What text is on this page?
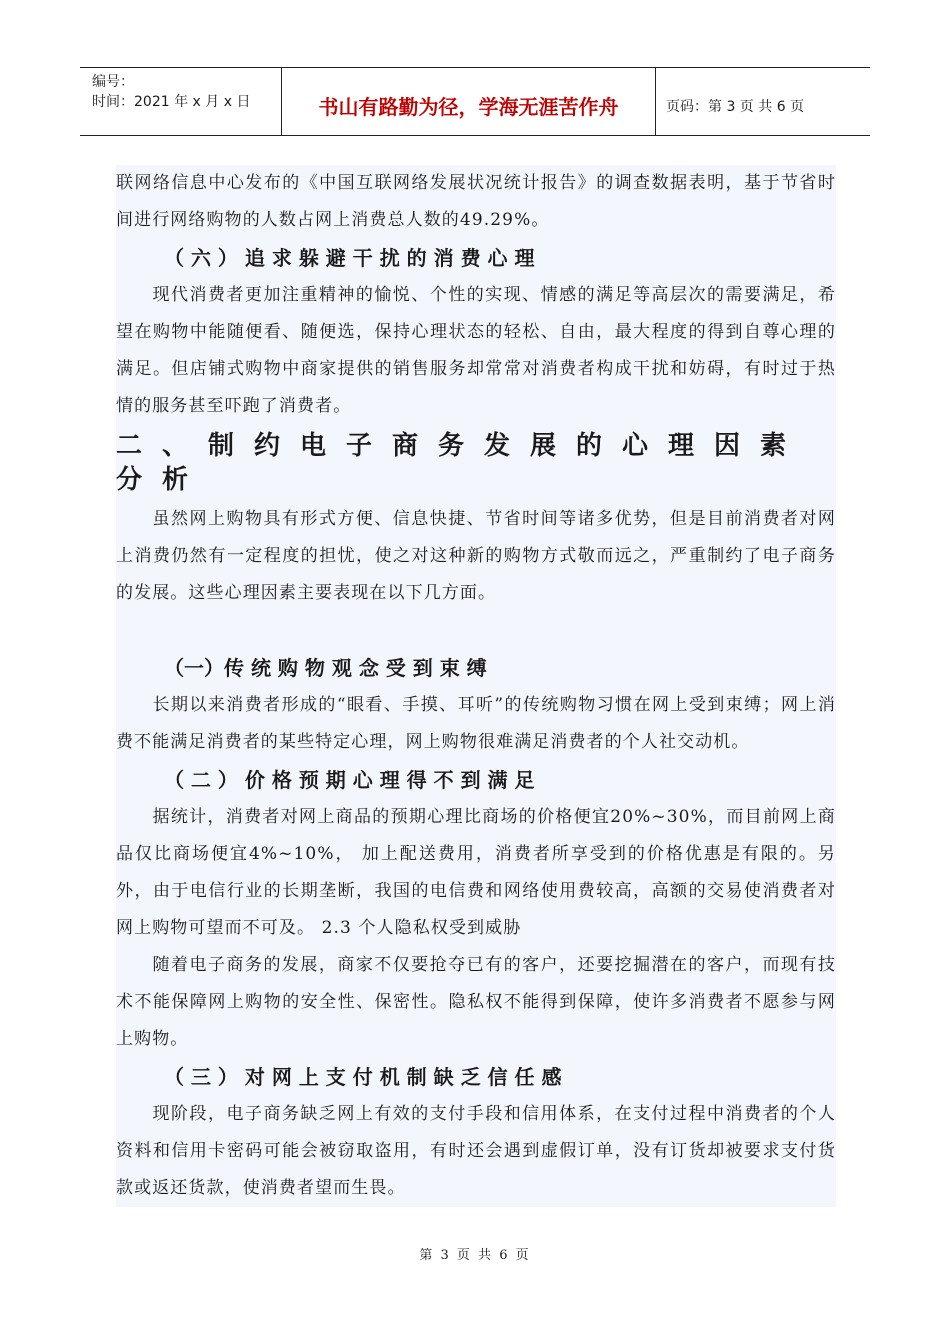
编号：
时间：2021 年 x 月 x 日	书山有路勤为径，学海无涯苦作舟	页码：第 3 页 共 6 页

联网络信息中心发布的《中国互联网络发展状况统计报告》的调查数据表明，基于节省时间进行网络购物的人数占网上消费总人数的49.29%。

（ 六 ） 追 求 躲 避 干 扰 的 消 费 心 理

现代消费者更加注重精神的愉悦、个性的实现、情感的满足等高层次的需要满足，希望在购物中能随便看、随便选，保持心理状态的轻松、自由，最大程度的得到自尊心理的满足。但店铺式购物中商家提供的销售服务却常常对消费者构成干扰和妨碍，有时过于热情的服务甚至吓跑了消费者。

二、制约电子商务发展的心理因素分析

虽然网上购物具有形式方便、信息快捷、节省时间等诸多优势，但是目前消费者对网上消费仍然有一定程度的担忧，使之对这种新的购物方式敬而远之，严重制约了电子商务的发展。这些心理因素主要表现在以下几方面。

（一）传 统 购 物 观 念 受 到 束 缚

长期以来消费者形成的“眼看、手摸、耳听”的传统购物习惯在网上受到束缚；网上消费不能满足消费者的某些特定心理，网上购物很难满足消费者的个人社交动机。

（ 二 ） 价 格 预 期 心 理 得 不 到 满 足

据统计，消费者对网上商品的预期心理比商场的价格便宜20%~30%，而目前网上商品仅比商场便宜4%~10%， 加上配送费用，消费者所享受到的价格优惠是有限的。另外，由于电信行业的长期垄断，我国的电信费和网络使用费较高，高额的交易使消费者对网上购物可望而不可及。 2.3 个人隐私权受到威胁

随着电子商务的发展，商家不仅要抢夺已有的客户，还要挖掘潜在的客户，而现有技术不能保障网上购物的安全性、保密性。隐私权不能得到保障，使许多消费者不愿参与网上购物。

（ 三 ） 对 网 上 支 付 机 制 缺 乏 信 任 感

现阶段，电子商务缺乏网上有效的支付手段和信用体系，在支付过程中消费者的个人资料和信用卡密码可能会被窃取盗用，有时还会遇到虚假订单，没有订货却被要求支付货款或返还货款，使消费者望而生畏。

第 3 页 共 6 页
